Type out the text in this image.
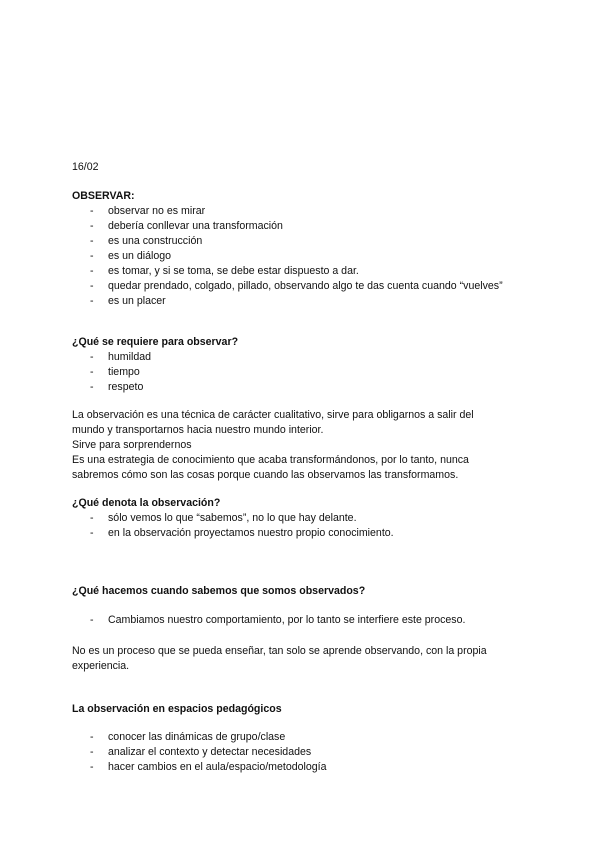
16/02
OBSERVAR:
- observar no es mirar
- debería conllevar una transformación
- es una construcción
- es un diálogo
- es tomar, y si se toma, se debe estar dispuesto a dar.
- quedar prendado, colgado, pillado, observando algo te das cuenta cuando “vuelves”
- es un placer
¿Qué se requiere para observar?
- humildad
- tiempo
- respeto

La observación es una técnica de carácter cualitativo, sirve para obligarnos a salir del

mundo y transportarnos hacia nuestro mundo interior.

Sirve para sorprendernos

Es una estrategia de conocimiento que acaba transformándonos, por lo tanto, nunca

sabremos cómo son las cosas porque cuando las observamos las transformamos.

¿Qué denota la observación?
- sólo vemos lo que “sabemos”, no lo que hay delante.
- en la observación proyectamos nuestro propio conocimiento.
¿Qué hacemos cuando sabemos que somos observados?
- Cambiamos nuestro comportamiento, por lo tanto se interfiere este proceso.

No es un proceso que se pueda enseñar, tan solo se aprende observando, con la propia

experiencia.

La observación en espacios pedagógicos
- conocer las dinámicas de grupo/clase
- analizar el contexto y detectar necesidades
- hacer cambios en el aula/espacio/metodología
